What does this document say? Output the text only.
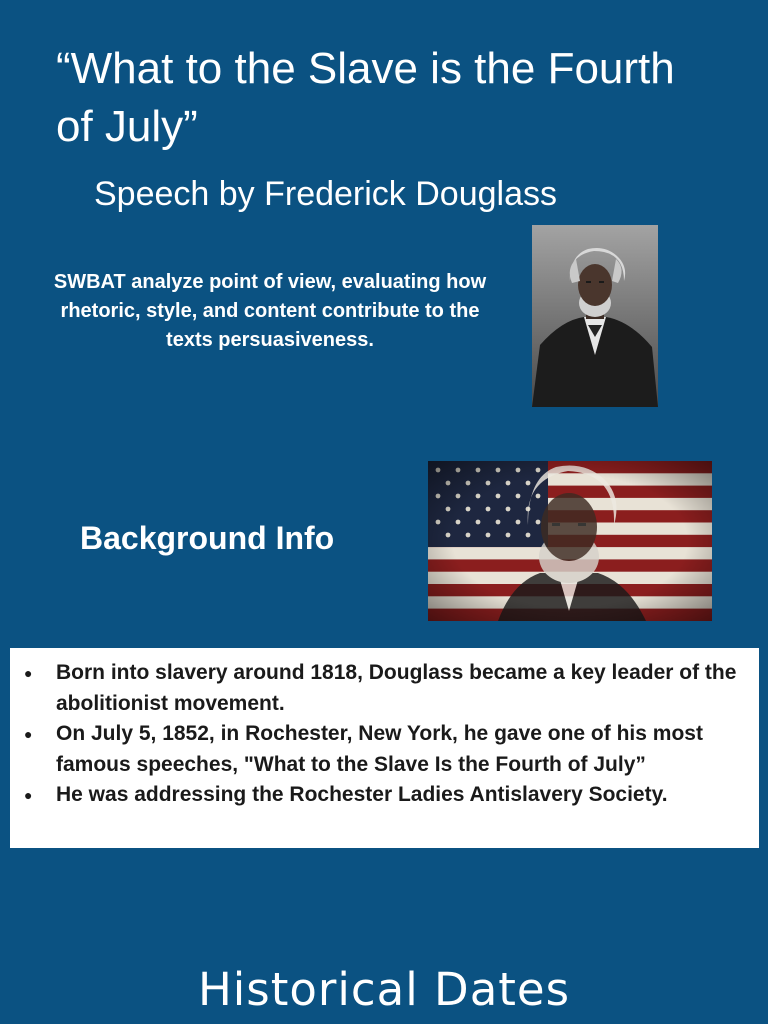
“What to the Slave is the Fourth of July”
Speech by Frederick Douglass
SWBAT analyze point of view, evaluating how rhetoric, style, and content contribute to the texts persuasiveness.
Background Info
● Born into slavery around 1818, Douglass became a key leader of the abolitionist movement.
● On July 5, 1852, in Rochester, New York, he gave one of his most famous speeches, "What to the Slave Is the Fourth of July”
● He was addressing the Rochester Ladies Antislavery Society.
Historical Dates
